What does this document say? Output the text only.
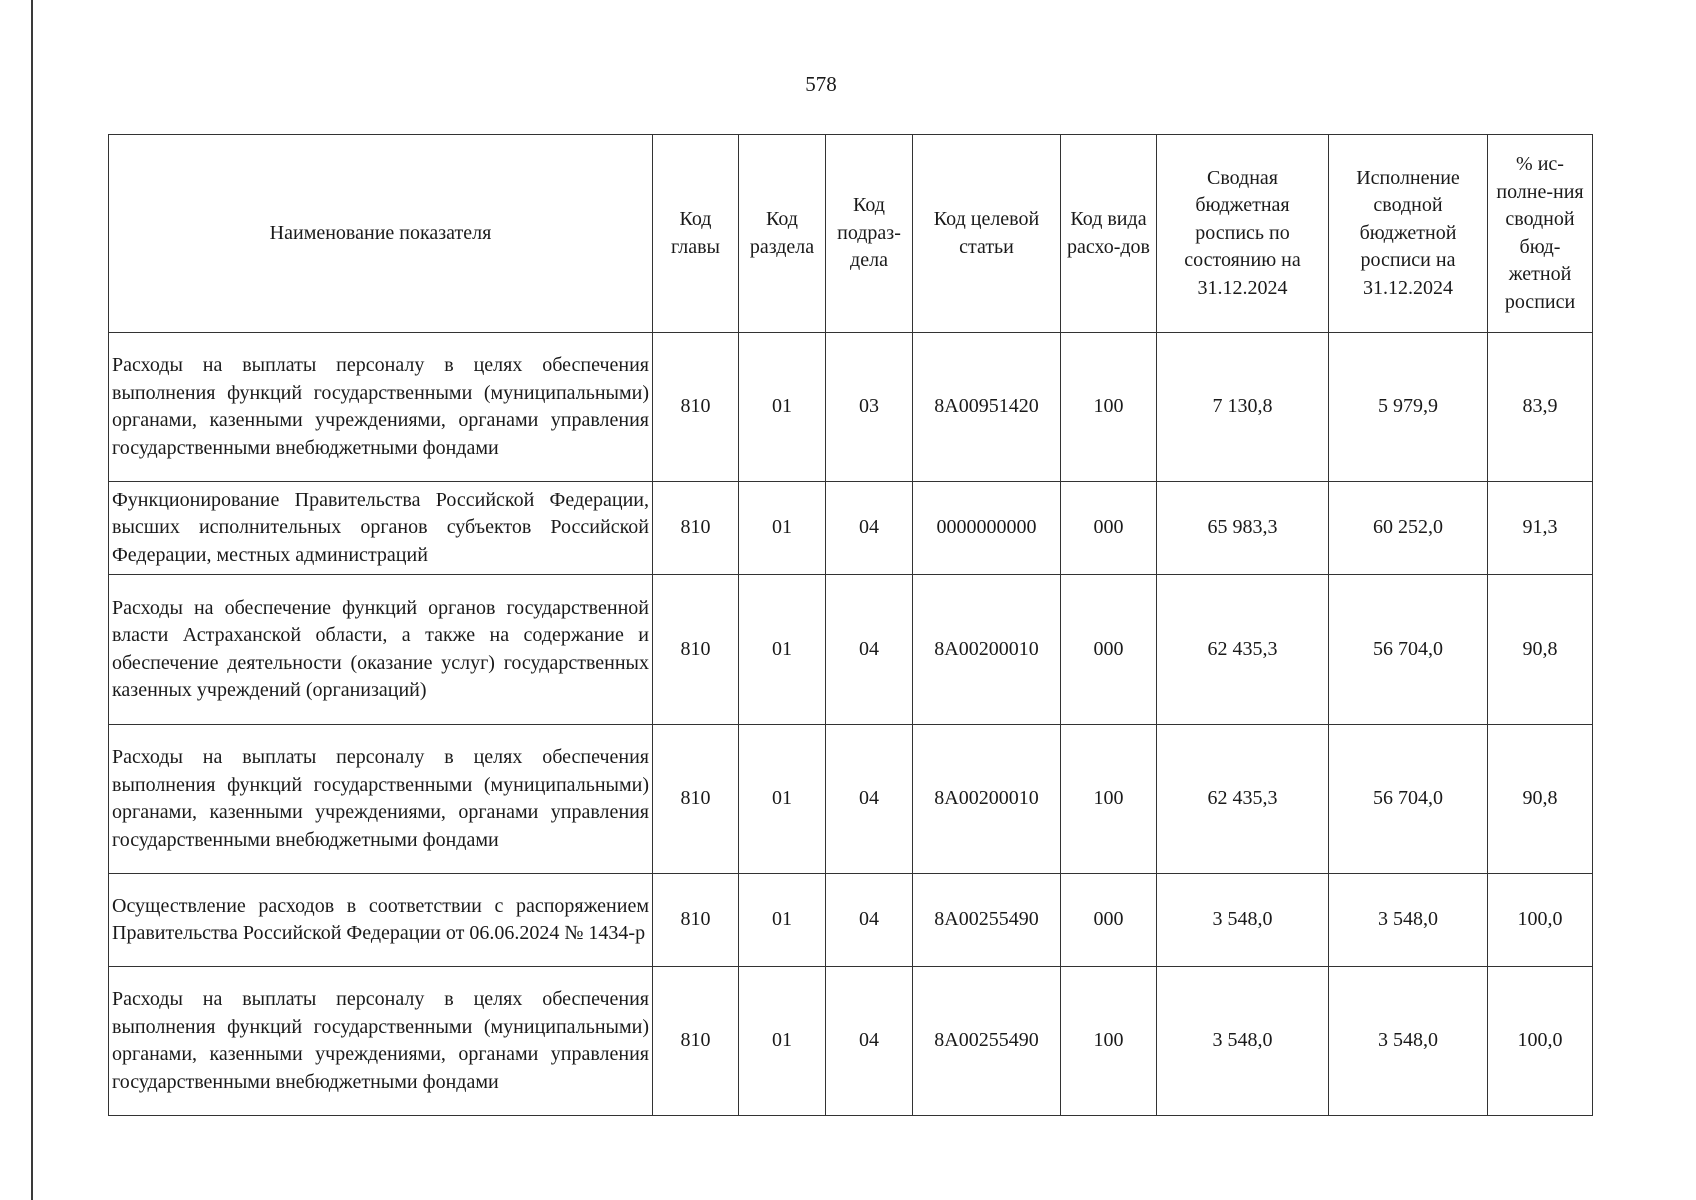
578
Наименование показателя	Код главы	Код раздела	Код подраз-дела	Код целевой статьи	Код вида расхо-дов	Сводная бюджетная роспись по состоянию на 31.12.2024	Исполнение сводной бюджетной росписи на 31.12.2024	% ис-полне-ния сводной бюд-жетной росписи
Расходы на выплаты персоналу в целях обеспечения выполнения функций государственными (муниципальными) органами, казенными учреждениями, органами управления государственными внебюджетными фондами	810	01	03	8А00951420	100	7 130,8	5 979,9	83,9
Функционирование Правительства Российской Федерации, высших исполнительных органов субъектов Российской Федерации, местных администраций	810	01	04	0000000000	000	65 983,3	60 252,0	91,3
Расходы на обеспечение функций органов государственной власти Астраханской области, а также на содержание и обеспечение деятельности (оказание услуг) государственных казенных учреждений (организаций)	810	01	04	8А00200010	000	62 435,3	56 704,0	90,8
Расходы на выплаты персоналу в целях обеспечения выполнения функций государственными (муниципальными) органами, казенными учреждениями, органами управления государственными внебюджетными фондами	810	01	04	8А00200010	100	62 435,3	56 704,0	90,8
Осуществление расходов в соответствии с распоряжением Правительства Российской Федерации от 06.06.2024 № 1434-р	810	01	04	8А00255490	000	3 548,0	3 548,0	100,0
Расходы на выплаты персоналу в целях обеспечения выполнения функций государственными (муниципальными) органами, казенными учреждениями, органами управления государственными внебюджетными фондами	810	01	04	8А00255490	100	3 548,0	3 548,0	100,0
